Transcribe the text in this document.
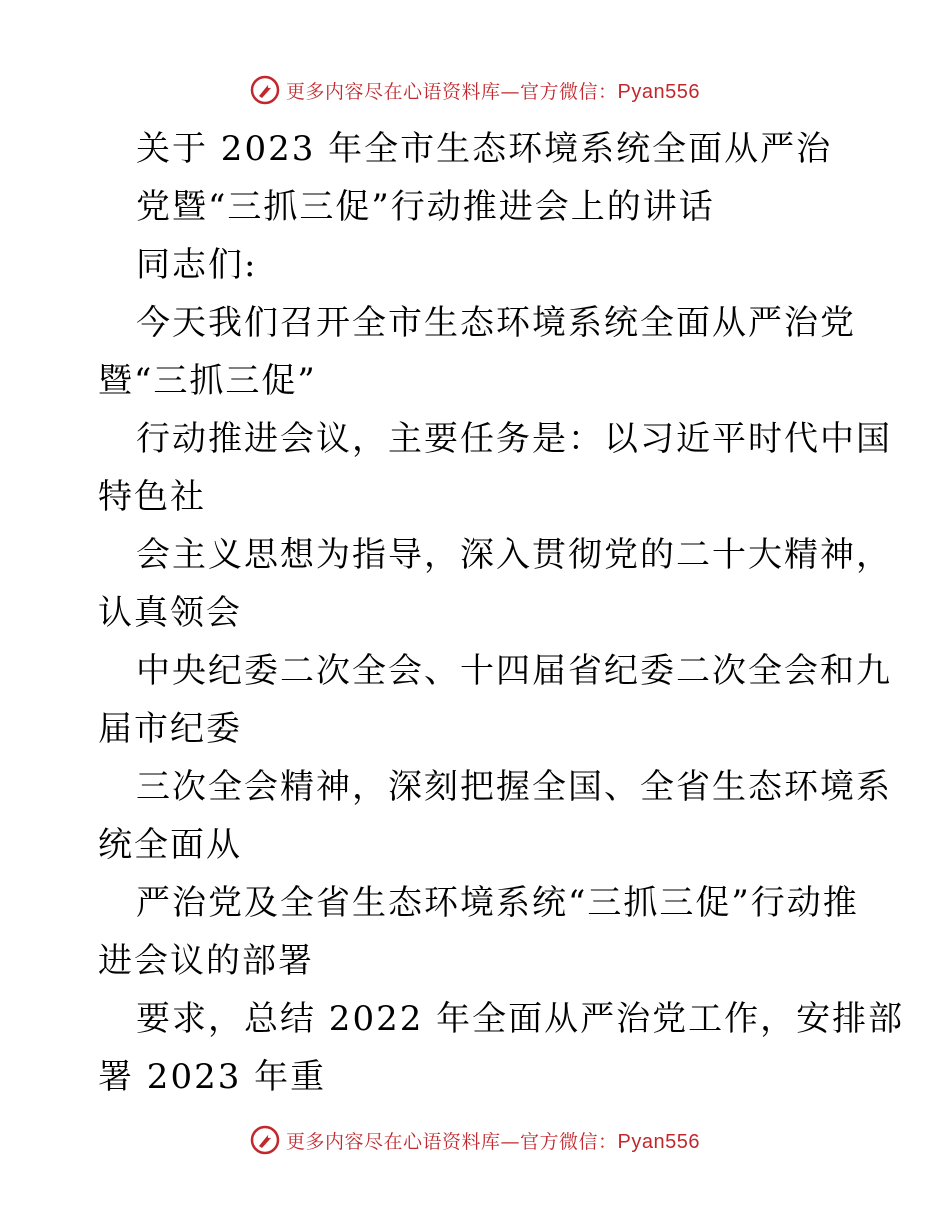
更多内容尽在心语资料库—官方微信：Pyan556
关于 2023 年全市生态环境系统全面从严治
党暨“三抓三促”行动推进会上的讲话
同志们:
今天我们召开全市生态环境系统全面从严治党
暨“三抓三促”
行动推进会议，主要任务是：以习近平时代中国
特色社
会主义思想为指导，深入贯彻党的二十大精神，
认真领会
中央纪委二次全会、十四届省纪委二次全会和九
届市纪委
三次全会精神，深刻把握全国、全省生态环境系
统全面从
严治党及全省生态环境系统“三抓三促”行动推
进会议的部署
要求，总结 2022 年全面从严治党工作，安排部
署 2023 年重
更多内容尽在心语资料库—官方微信：Pyan556
